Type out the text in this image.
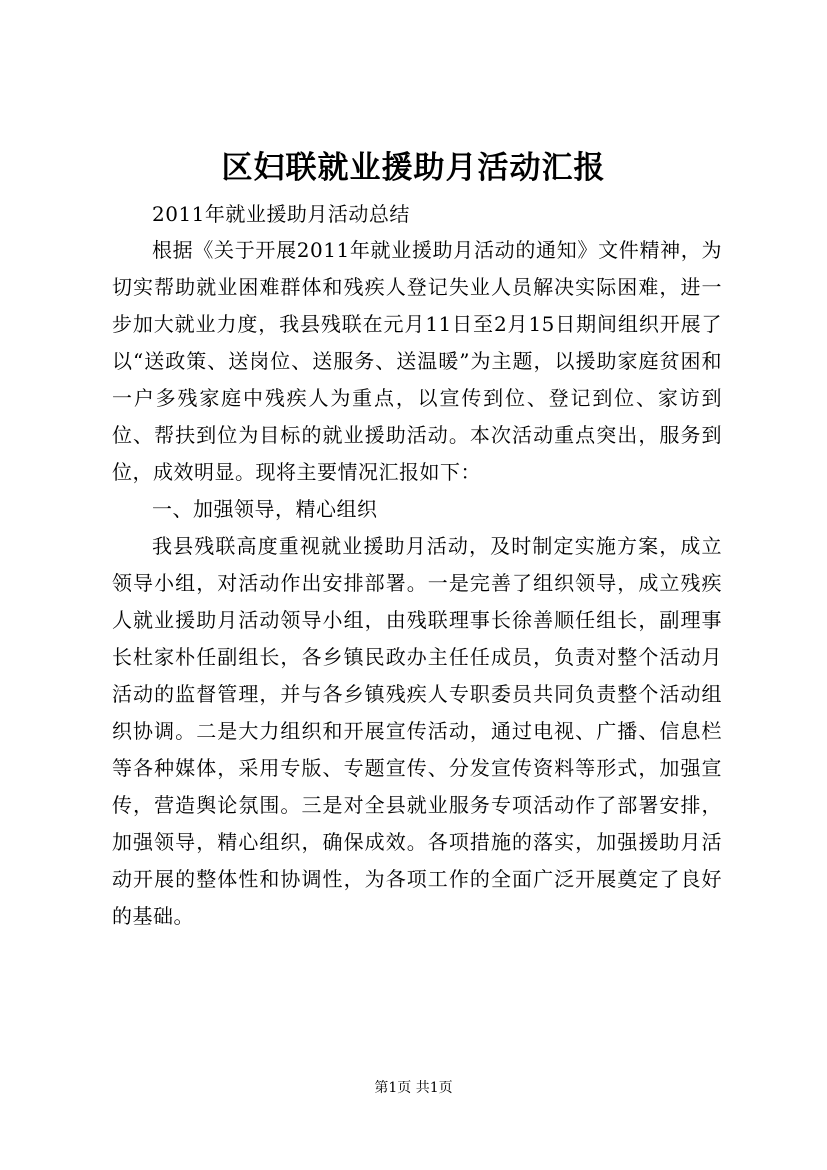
区妇联就业援助月活动汇报

2011年就业援助月活动总结

根据《关于开展2011年就业援助月活动的通知》文件精神，为切实帮助就业困难群体和残疾人登记失业人员解决实际困难，进一步加大就业力度，我县残联在元月11日至2月15日期间组织开展了以“送政策、送岗位、送服务、送温暖”为主题，以援助家庭贫困和一户多残家庭中残疾人为重点，以宣传到位、登记到位、家访到位、帮扶到位为目标的就业援助活动。本次活动重点突出，服务到位，成效明显。现将主要情况汇报如下：

一、加强领导，精心组织

我县残联高度重视就业援助月活动，及时制定实施方案，成立领导小组，对活动作出安排部署。一是完善了组织领导，成立残疾人就业援助月活动领导小组，由残联理事长徐善顺任组长，副理事长杜家朴任副组长，各乡镇民政办主任任成员，负责对整个活动月活动的监督管理，并与各乡镇残疾人专职委员共同负责整个活动组织协调。二是大力组织和开展宣传活动，通过电视、广播、信息栏等各种媒体，采用专版、专题宣传、分发宣传资料等形式，加强宣传，营造舆论氛围。三是对全县就业服务专项活动作了部署安排，加强领导，精心组织，确保成效。各项措施的落实，加强援助月活动开展的整体性和协调性，为各项工作的全面广泛开展奠定了良好的基础。

第1页 共1页
